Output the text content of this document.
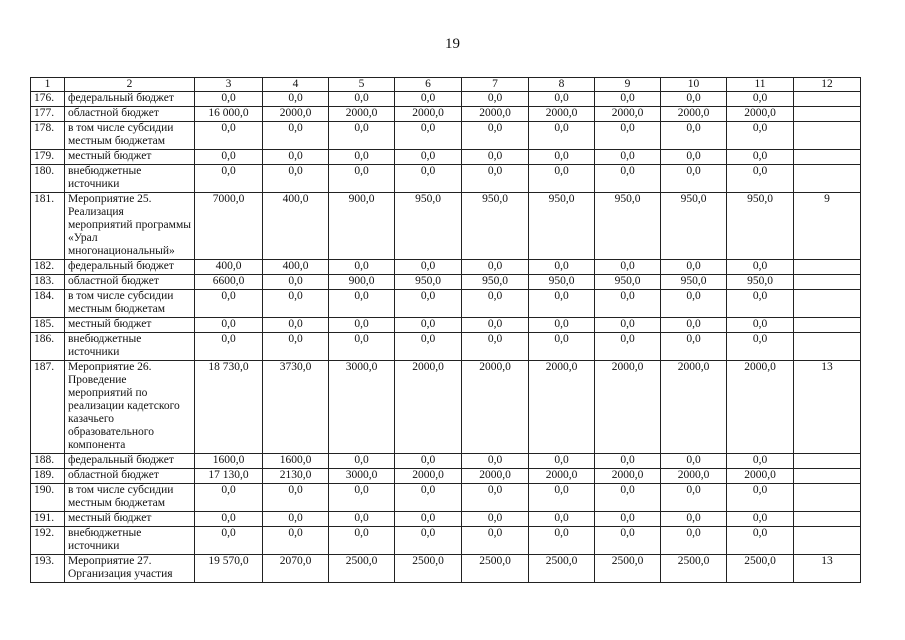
19
1	2	3	4	5	6	7	8	9	10	11	12
176.	федеральный бюджет	0,0	0,0	0,0	0,0	0,0	0,0	0,0	0,0	0,0	
177.	областной бюджет	16 000,0	2000,0	2000,0	2000,0	2000,0	2000,0	2000,0	2000,0	2000,0	
178.	в том числе субсидии местным бюджетам	0,0	0,0	0,0	0,0	0,0	0,0	0,0	0,0	0,0	
179.	местный бюджет	0,0	0,0	0,0	0,0	0,0	0,0	0,0	0,0	0,0	
180.	внебюджетные источники	0,0	0,0	0,0	0,0	0,0	0,0	0,0	0,0	0,0	
181.	Мероприятие 25. Реализация мероприятий программы «Урал многонациональный»	7000,0	400,0	900,0	950,0	950,0	950,0	950,0	950,0	950,0	9
182.	федеральный бюджет	400,0	400,0	0,0	0,0	0,0	0,0	0,0	0,0	0,0	
183.	областной бюджет	6600,0	0,0	900,0	950,0	950,0	950,0	950,0	950,0	950,0	
184.	в том числе субсидии местным бюджетам	0,0	0,0	0,0	0,0	0,0	0,0	0,0	0,0	0,0	
185.	местный бюджет	0,0	0,0	0,0	0,0	0,0	0,0	0,0	0,0	0,0	
186.	внебюджетные источники	0,0	0,0	0,0	0,0	0,0	0,0	0,0	0,0	0,0	
187.	Мероприятие 26. Проведение мероприятий по реализации кадетского казачьего образовательного компонента	18 730,0	3730,0	3000,0	2000,0	2000,0	2000,0	2000,0	2000,0	2000,0	13
188.	федеральный бюджет	1600,0	1600,0	0,0	0,0	0,0	0,0	0,0	0,0	0,0	
189.	областной бюджет	17 130,0	2130,0	3000,0	2000,0	2000,0	2000,0	2000,0	2000,0	2000,0	
190.	в том числе субсидии местным бюджетам	0,0	0,0	0,0	0,0	0,0	0,0	0,0	0,0	0,0	
191.	местный бюджет	0,0	0,0	0,0	0,0	0,0	0,0	0,0	0,0	0,0	
192.	внебюджетные источники	0,0	0,0	0,0	0,0	0,0	0,0	0,0	0,0	0,0	
193.	Мероприятие 27. Организация участия	19 570,0	2070,0	2500,0	2500,0	2500,0	2500,0	2500,0	2500,0	2500,0	13
